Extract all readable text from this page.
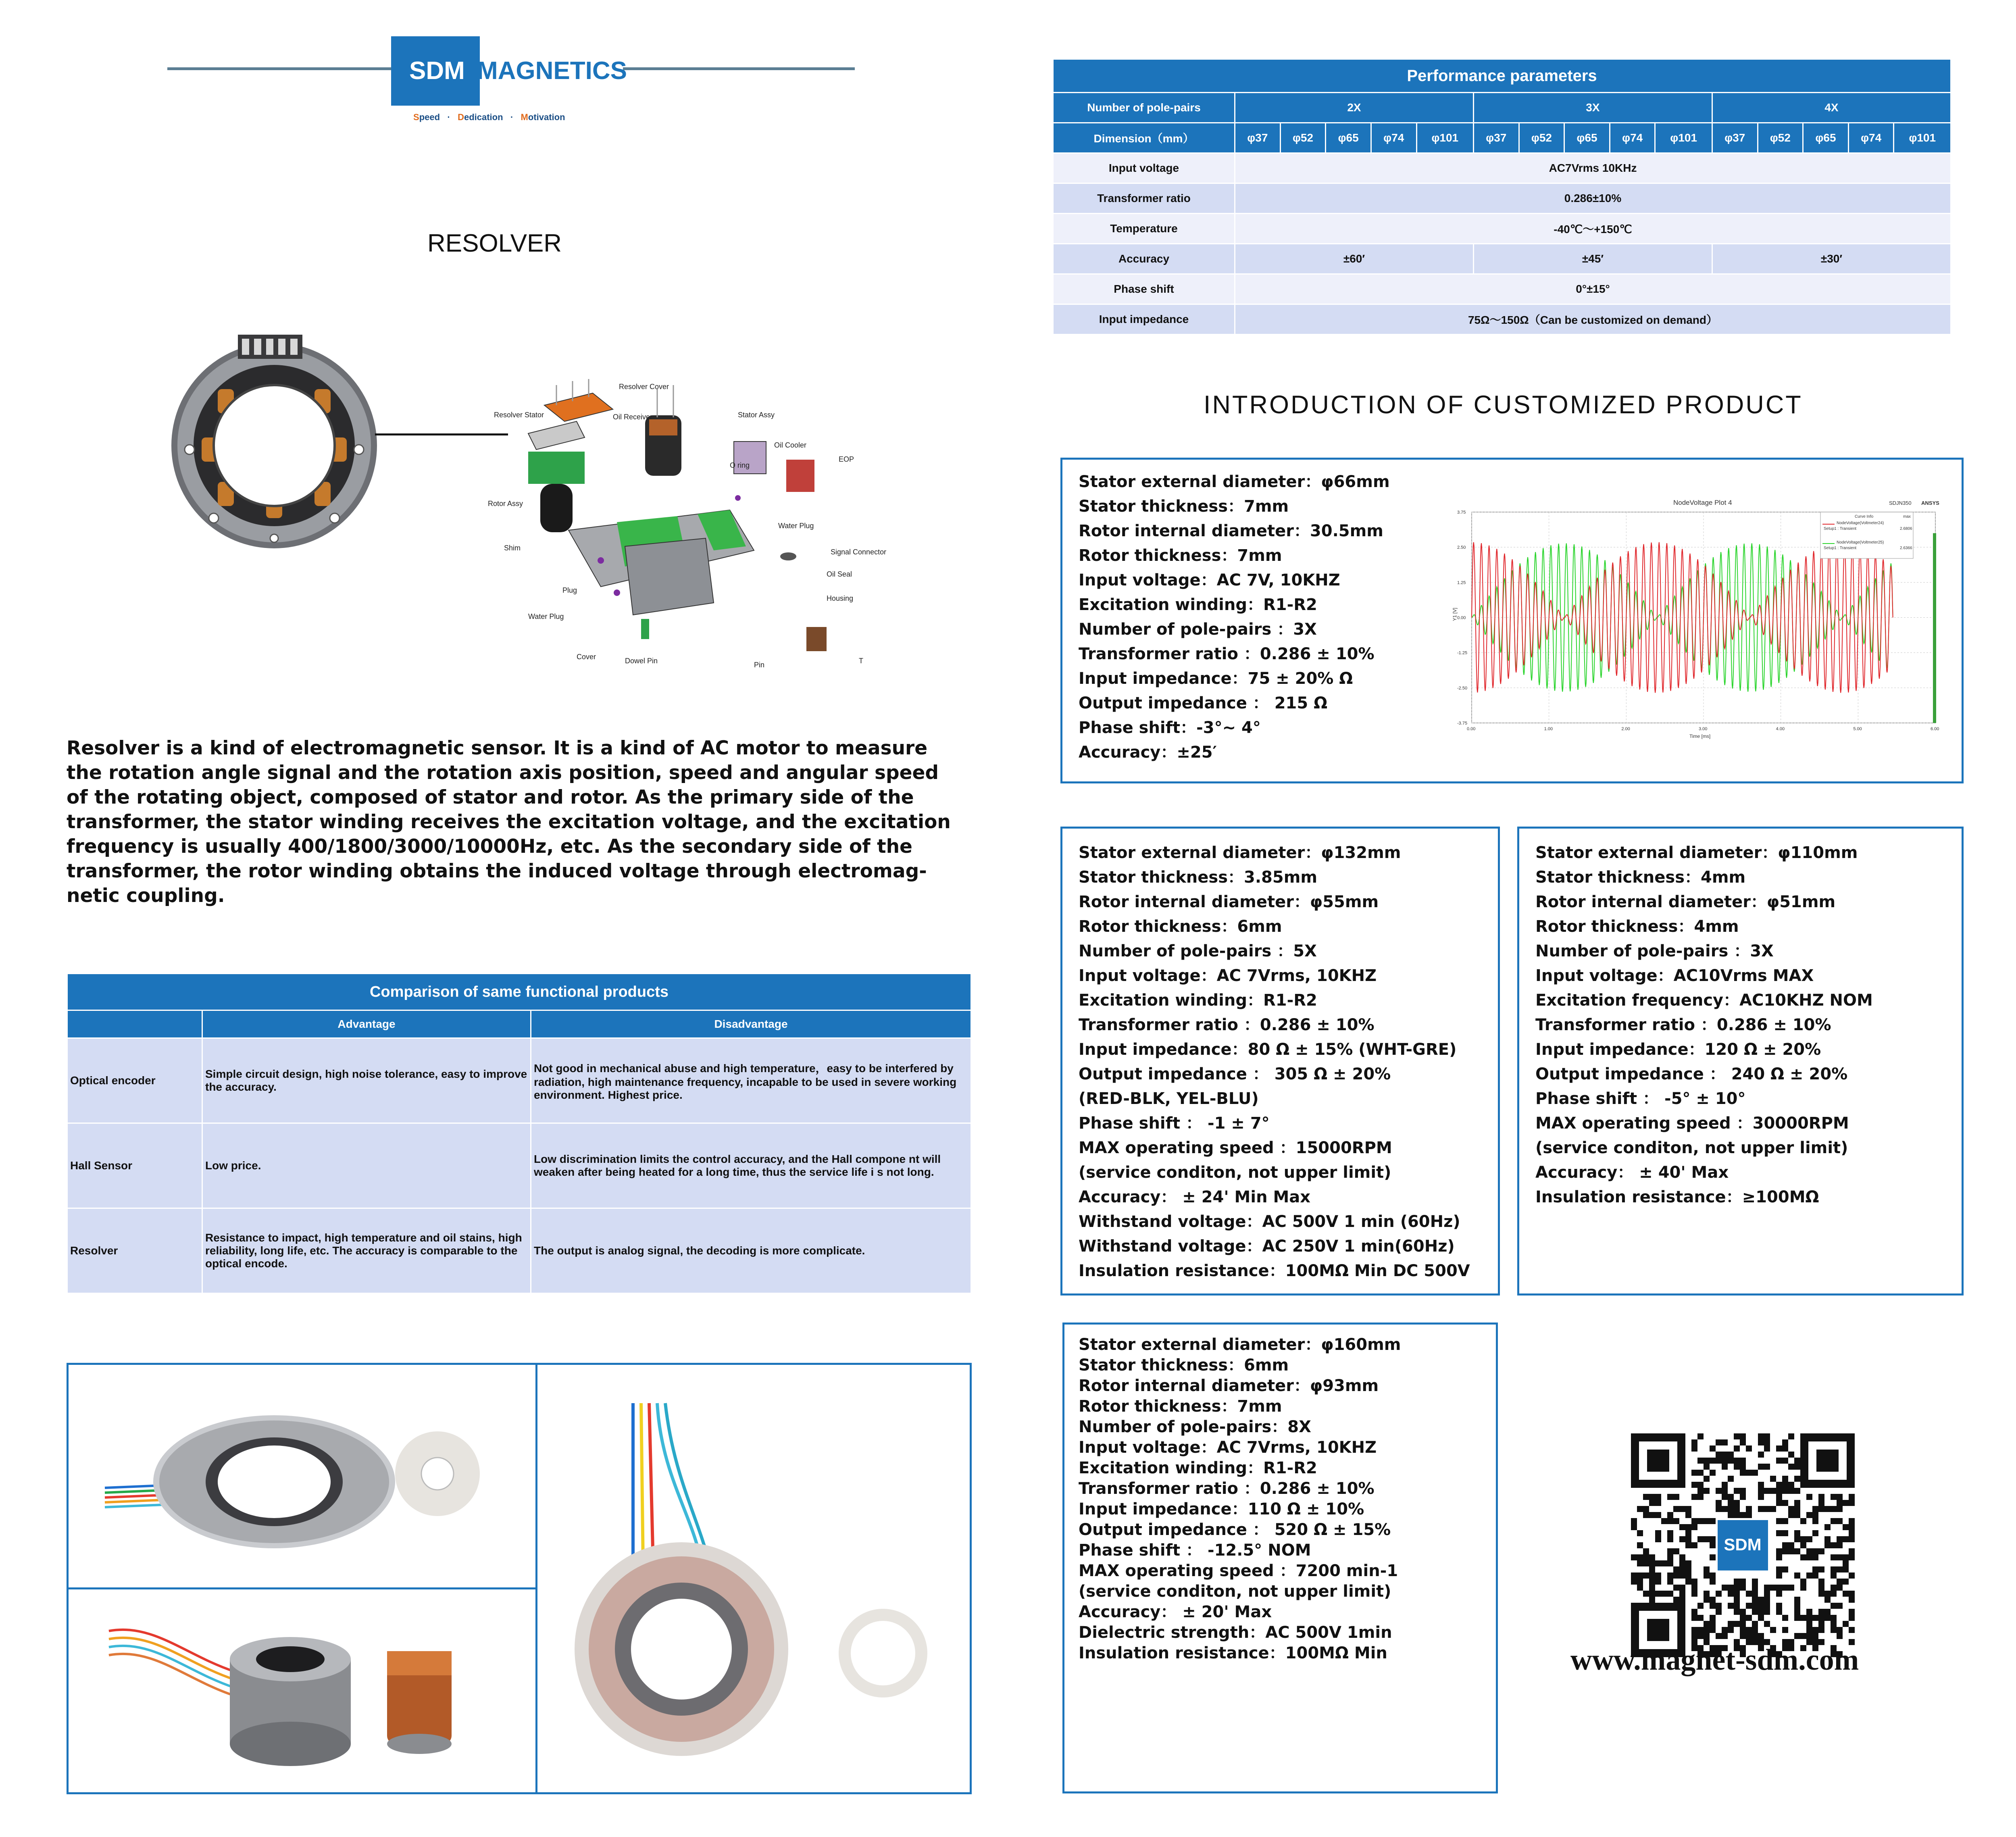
SDM MAGNETICS
Speed · Dedication · Motivation
RESOLVER
Resolver Cover
Resolver Stator	Oil Receiver	Stator Assy
O ring
Oil Cooler
EOP
Rotor Assy
Water Plug
Shim	Signal Connector
Oil Seal
Plug
Housing
Water Plug
Cover	Dowel Pin	Pin	T
Resolver is a kind of electromagnetic sensor. It is a kind of AC motor to measure
the rotation angle signal and the rotation axis position, speed and angular speed
of the rotating object, composed of stator and rotor. As the primary side of the
transformer, the stator winding receives the excitation voltage, and the excitation
frequency is usually 400/1800/3000/10000Hz, etc. As the secondary side of the
transformer, the rotor winding obtains the induced voltage through electromag-
netic coupling.
Comparison of same functional products		
	Advantage	Disadvantage
Optical encoder	Simple circuit design, high noise tolerance, easy to improve the accuracy.	Not good in mechanical abuse and high temperature，easy to be interfered by radiation, high maintenance frequency, incapable to be used in severe working environment. Highest price.
Hall Sensor	Low price.	Low discrimination limits the control accuracy, and the Hall compone nt will weaken after being heated for a long time, thus the service life i s not long.
Resolver	Resistance to impact, high temperature and oil stains, high reliability, long life, etc. The accuracy is comparable to the optical encode.	The output is analog signal, the decoding is more complicate.
Performance parameters															
Number of pole-pairs	2X					3X					4X				
Dimension（mm）	φ37	φ52	φ65	φ74	φ101	φ37	φ52	φ65	φ74	φ101	φ37	φ52	φ65	φ74	φ101
Input voltage	AC7Vrms 10KHz														
Transformer ratio	0.286±10%														
Temperature	-40℃～+150℃														
Accuracy	±60′					±45′					±30′				
Phase shift	0°±15°														
Input impedance	75Ω～150Ω（Can be customized on demand）														
INTRODUCTION OF CUSTOMIZED PRODUCT
Stator external diameter：φ66mm
Stator thickness：7mm
Rotor internal diameter：30.5mm
Rotor thickness：7mm
Input voltage：AC 7V, 10KHZ
Excitation winding：R1-R2
Number of pole-pairs ：3X
Transformer ratio ：0.286 ± 10%
Input impedance：75 ± 20% Ω
Output impedance ： 215 Ω
Phase shift：-3°~ 4°
Accuracy：±25′
NodeVoltage Plot 4	SDJN350 ANSYS
0.00	1.00	2.00	3.00	4.00	5.00	6.00
3.75
2.50
1.25
0.00
-1.25
-2.50
-3.75
Time [ms]
Y1 [V]
Curve Info	max
NodeVoltage(Voltmeter24)
Setup1 : Transient	2.6806
NodeVoltage(Voltmeter25)
Setup1 : Transient	2.6366
Stator external diameter：φ132mm
Stator thickness：3.85mm
Rotor internal diameter：φ55mm
Rotor thickness：6mm
Number of pole-pairs ：5X
Input voltage：AC 7Vrms, 10KHZ
Excitation winding：R1-R2
Transformer ratio ：0.286 ± 10%
Input impedance：80 Ω ± 15% (WHT-GRE)
Output impedance ： 305 Ω ± 20%
(RED-BLK, YEL-BLU)
Phase shift ： -1 ± 7°
MAX operating speed ：15000RPM
(service conditon, not upper limit)
Accuracy： ± 24' Min Max
Withstand voltage：AC 500V 1 min (60Hz)
Withstand voltage：AC 250V 1 min(60Hz)
Insulation resistance：100MΩ Min DC 500V
Stator external diameter：φ110mm
Stator thickness：4mm
Rotor internal diameter：φ51mm
Rotor thickness：4mm
Number of pole-pairs ：3X
Input voltage：AC10Vrms MAX
Excitation frequency：AC10KHZ NOM
Transformer ratio ：0.286 ± 10%
Input impedance：120 Ω ± 20%
Output impedance ： 240 Ω ± 20%
Phase shift ： -5° ± 10°
MAX operating speed ：30000RPM
(service conditon, not upper limit)
Accuracy： ± 40' Max
Insulation resistance：≥100MΩ
Stator external diameter：φ160mm
Stator thickness：6mm
Rotor internal diameter：φ93mm
Rotor thickness：7mm
Number of pole-pairs：8X
Input voltage：AC 7Vrms, 10KHZ
Excitation winding：R1-R2
Transformer ratio ：0.286 ± 10%
Input impedance：110 Ω ± 10%
Output impedance ： 520 Ω ± 15%
Phase shift ： -12.5° NOM
MAX operating speed ：7200 min-1
(service conditon, not upper limit)
Accuracy： ± 20' Max
Dielectric strength：AC 500V 1min
Insulation resistance：100MΩ Min
SDM
www.magnet-sdm.com
